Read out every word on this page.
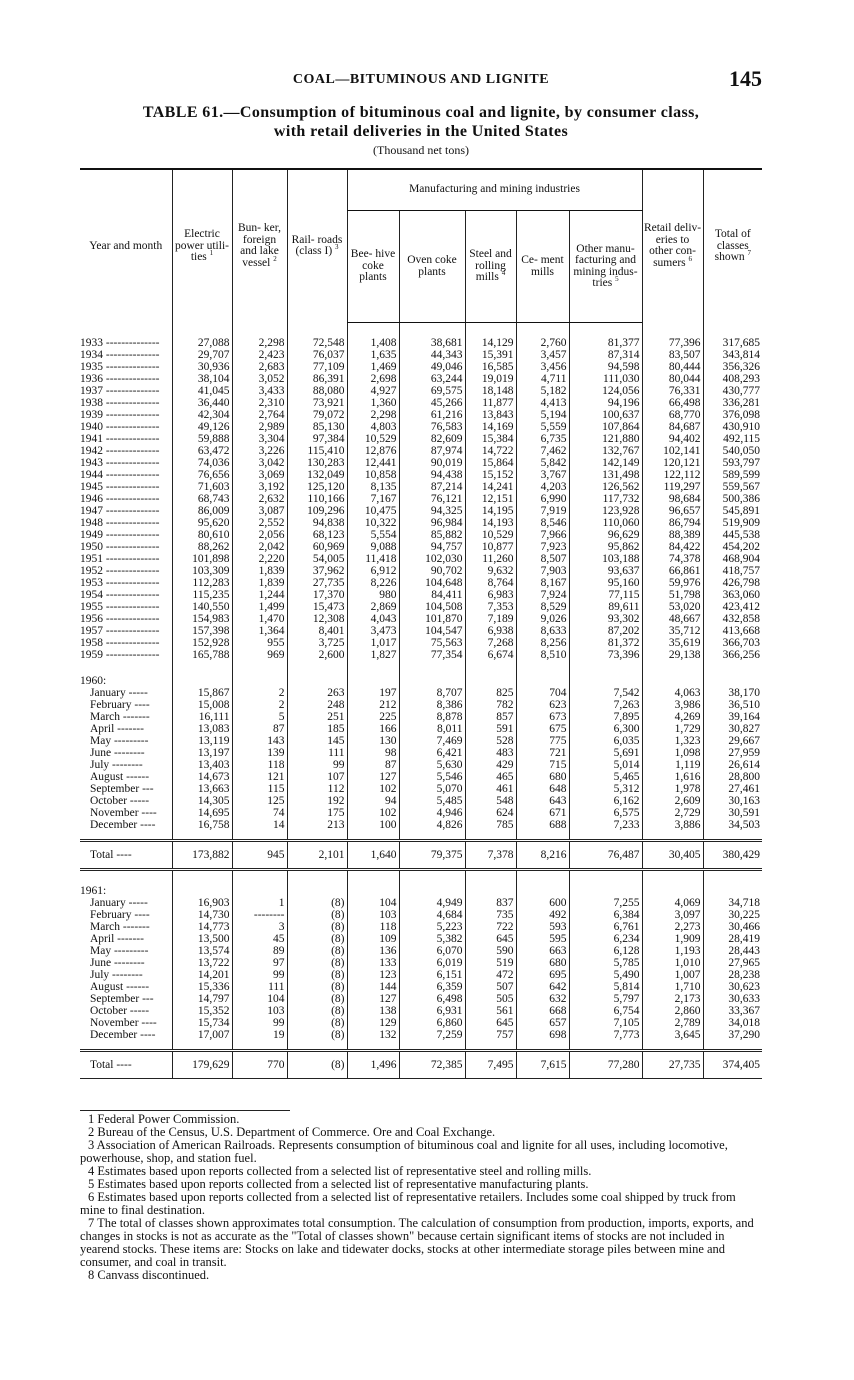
COAL—BITUMINOUS AND LIGNITE	145
TABLE 61.—Consumption of bituminous coal and lignite, by consumer class,
with retail deliveries in the United States
(Thousand net tons)
Year and month	Electric power utili- ties $^1$	Bun- ker, foreign and lake vessel $^2$	Rail- roads (class I) $^3$	Manufacturing and mining industries					Retail deliv- eries to other con- sumers $^6$	Total of classes shown $^7$
				Bee- hive coke plants	Oven coke plants	Steel and rolling mills $^4$	Ce- ment mills	Other manu- facturing and mining indus- tries $^5$

1933 --------------	27,088	2,298	72,548	1,408	38,681	14,129	2,760	81,377	77,396	317,685
1934 --------------	29,707	2,423	76,037	1,635	44,343	15,391	3,457	87,314	83,507	343,814
1935 --------------	30,936	2,683	77,109	1,469	49,046	16,585	3,456	94,598	80,444	356,326
1936 --------------	38,104	3,052	86,391	2,698	63,244	19,019	4,711	111,030	80,044	408,293
1937 --------------	41,045	3,433	88,080	4,927	69,575	18,148	5,182	124,056	76,331	430,777
1938 --------------	36,440	2,310	73,921	1,360	45,266	11,877	4,413	94,196	66,498	336,281
1939 --------------	42,304	2,764	79,072	2,298	61,216	13,843	5,194	100,637	68,770	376,098
1940 --------------	49,126	2,989	85,130	4,803	76,583	14,169	5,559	107,864	84,687	430,910
1941 --------------	59,888	3,304	97,384	10,529	82,609	15,384	6,735	121,880	94,402	492,115
1942 --------------	63,472	3,226	115,410	12,876	87,974	14,722	7,462	132,767	102,141	540,050
1943 --------------	74,036	3,042	130,283	12,441	90,019	15,864	5,842	142,149	120,121	593,797
1944 --------------	76,656	3,069	132,049	10,858	94,438	15,152	3,767	131,498	122,112	589,599
1945 --------------	71,603	3,192	125,120	8,135	87,214	14,241	4,203	126,562	119,297	559,567
1946 --------------	68,743	2,632	110,166	7,167	76,121	12,151	6,990	117,732	98,684	500,386
1947 --------------	86,009	3,087	109,296	10,475	94,325	14,195	7,919	123,928	96,657	545,891
1948 --------------	95,620	2,552	94,838	10,322	96,984	14,193	8,546	110,060	86,794	519,909
1949 --------------	80,610	2,056	68,123	5,554	85,882	10,529	7,966	96,629	88,389	445,538
1950 --------------	88,262	2,042	60,969	9,088	94,757	10,877	7,923	95,862	84,422	454,202
1951 --------------	101,898	2,220	54,005	11,418	102,030	11,260	8,507	103,188	74,378	468,904
1952 --------------	103,309	1,839	37,962	6,912	90,702	9,632	7,903	93,637	66,861	418,757
1953 --------------	112,283	1,839	27,735	8,226	104,648	8,764	8,167	95,160	59,976	426,798
1954 --------------	115,235	1,244	17,370	980	84,411	6,983	7,924	77,115	51,798	363,060
1955 --------------	140,550	1,499	15,473	2,869	104,508	7,353	8,529	89,611	53,020	423,412
1956 --------------	154,983	1,470	12,308	4,043	101,870	7,189	9,026	93,302	48,667	432,858
1957 --------------	157,398	1,364	8,401	3,473	104,547	6,938	8,633	87,202	35,712	413,668
1958 --------------	152,928	955	3,725	1,017	75,563	7,268	8,256	81,372	35,619	366,703
1959 --------------	165,788	969	2,600	1,827	77,354	6,674	8,510	73,396	29,138	366,256

1960:										
January -----	15,867	2	263	197	8,707	825	704	7,542	4,063	38,170
February ----	15,008	2	248	212	8,386	782	623	7,263	3,986	36,510
March -------	16,111	5	251	225	8,878	857	673	7,895	4,269	39,164
April -------	13,083	87	185	166	8,011	591	675	6,300	1,729	30,827
May ---------	13,119	143	145	130	7,469	528	775	6,035	1,323	29,667
June --------	13,197	139	111	98	6,421	483	721	5,691	1,098	27,959
July --------	13,403	118	99	87	5,630	429	715	5,014	1,119	26,614
August ------	14,673	121	107	127	5,546	465	680	5,465	1,616	28,800
September ---	13,663	115	112	102	5,070	461	648	5,312	1,978	27,461
October -----	14,305	125	192	94	5,485	548	643	6,162	2,609	30,163
November ----	14,695	74	175	102	4,946	624	671	6,575	2,729	30,591
December ----	16,758	14	213	100	4,826	785	688	7,233	3,886	34,503

Total ----	173,882	945	2,101	1,640	79,375	7,378	8,216	76,487	30,405	380,429

1961:										
January -----	16,903	1	(8)	104	4,949	837	600	7,255	4,069	34,718
February ----	14,730	--------	(8)	103	4,684	735	492	6,384	3,097	30,225
March -------	14,773	3	(8)	118	5,223	722	593	6,761	2,273	30,466
April -------	13,500	45	(8)	109	5,382	645	595	6,234	1,909	28,419
May ---------	13,574	89	(8)	136	6,070	590	663	6,128	1,193	28,443
June --------	13,722	97	(8)	133	6,019	519	680	5,785	1,010	27,965
July --------	14,201	99	(8)	123	6,151	472	695	5,490	1,007	28,238
August ------	15,336	111	(8)	144	6,359	507	642	5,814	1,710	30,623
September ---	14,797	104	(8)	127	6,498	505	632	5,797	2,173	30,633
October -----	15,352	103	(8)	138	6,931	561	668	6,754	2,860	33,367
November ----	15,734	99	(8)	129	6,860	645	657	7,105	2,789	34,018
December ----	17,007	19	(8)	132	7,259	757	698	7,773	3,645	37,290

Total ----	179,629	770	(8)	1,496	72,385	7,495	7,615	77,280	27,735	374,405

1 Federal Power Commission.

2 Bureau of the Census, U.S. Department of Commerce. Ore and Coal Exchange.

3 Association of American Railroads. Represents consumption of bituminous coal and lignite for all uses, including locomotive, powerhouse, shop, and station fuel.

4 Estimates based upon reports collected from a selected list of representative steel and rolling mills.

5 Estimates based upon reports collected from a selected list of representative manufacturing plants.

6 Estimates based upon reports collected from a selected list of representative retailers. Includes some coal shipped by truck from mine to final destination.

7 The total of classes shown approximates total consumption. The calculation of consumption from production, imports, exports, and changes in stocks is not as accurate as the "Total of classes shown" because certain significant items of stocks are not included in yearend stocks. These items are: Stocks on lake and tidewater docks, stocks at other intermediate storage piles between mine and consumer, and coal in transit.

8 Canvass discontinued.
